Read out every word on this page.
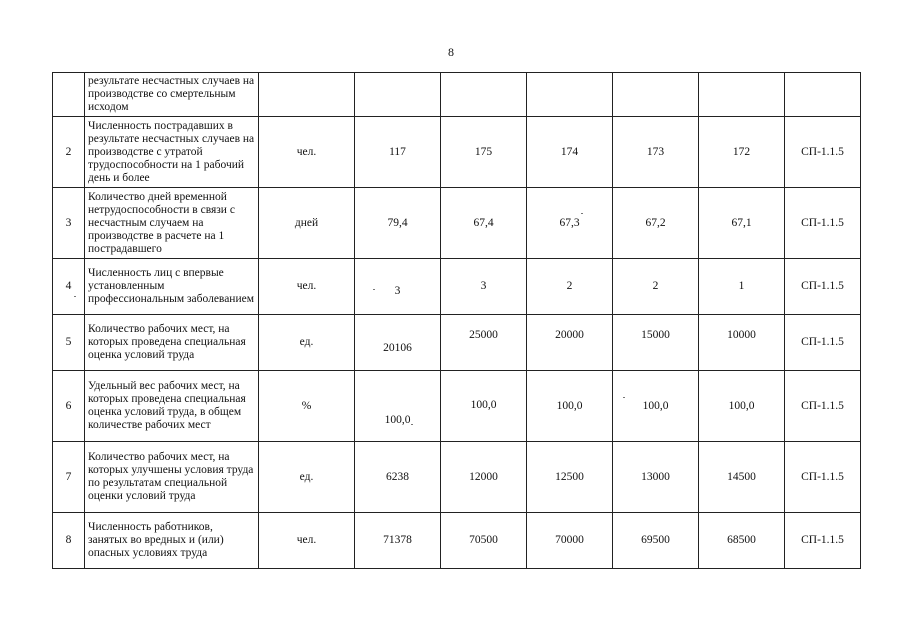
8
	результате несчастных случаев на производстве со смертельным исходом							
2	Численность пострадавших в результате несчастных случаев на производстве с утратой трудоспособности на 1 рабочий день и более	чел.	117	175	174	173	172	СП-1.1.5
3	Количество дней временной нетрудоспособности в связи с несчастным случаем на производстве в расчете на 1 пострадавшего	дней	79,4	67,4	67,3	67,2	67,1	СП-1.1.5
4	Численность лиц с впервые установленным профессиональным заболеванием	чел.	3	3	2	2	1	СП-1.1.5
5	Количество рабочих мест, на которых проведена специальная оценка условий труда	ед.	20106	25000	20000	15000	10000	СП-1.1.5
6	Удельный вес рабочих мест, на которых проведена специальная оценка условий труда, в общем количестве рабочих мест	%	100,0	100,0	100,0	100,0	100,0	СП-1.1.5
7	Количество рабочих мест, на которых улучшены условия труда по результатам специальной оценки условий труда	ед.	6238	12000	12500	13000	14500	СП-1.1.5
8	Численность работников, занятых во вредных и (или) опасных условиях труда	чел.	71378	70500	70000	69500	68500	СП-1.1.5
